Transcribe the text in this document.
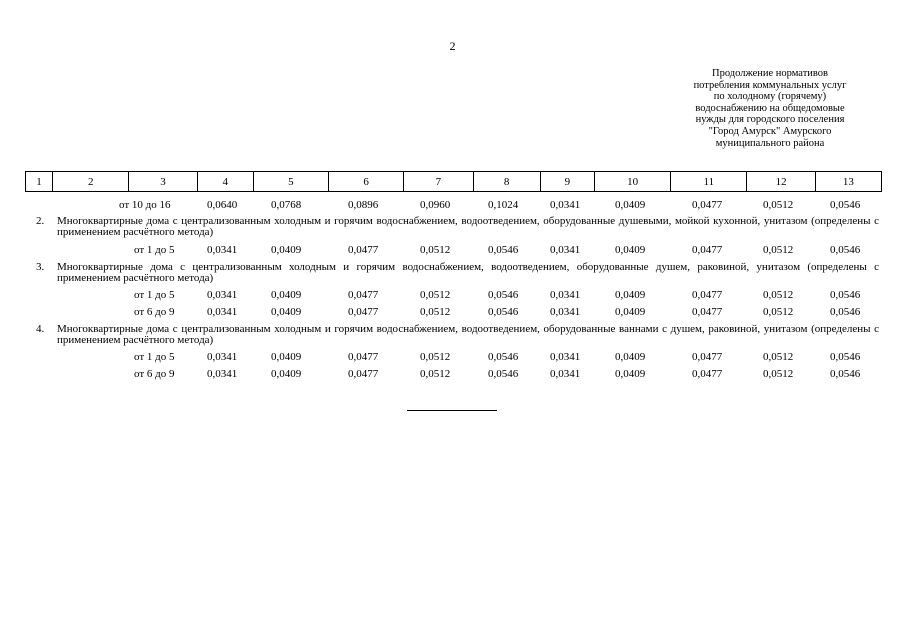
2
Продолжение нормативов
потребления коммунальных услуг
по холодному (горячему)
водоснабжению на общедомовые
нужды для городского поселения
"Город Амурск" Амурского
муниципального района
1	2	3	4	5	6	7	8	9	10	11	12	13
от 10 до 16	0,0640	0,0768	0,0896	0,0960	0,1024	0,0341	0,0409	0,0477	0,0512	0,0546
2. Многоквартирные дома с централизованным холодным и горячим водоснабжением, водоотведением, оборудованные душевыми, мойкой кухонной, унитазом (определены с применением расчётного метода)
от 1 до 5	0,0341	0,0409	0,0477	0,0512	0,0546	0,0341	0,0409	0,0477	0,0512	0,0546
3. Многоквартирные дома с централизованным холодным и горячим водоснабжением, водоотведением, оборудованные душем, раковиной, унитазом (определены с применением расчётного метода)
от 1 до 5	0,0341	0,0409	0,0477	0,0512	0,0546	0,0341	0,0409	0,0477	0,0512	0,0546
от 6 до 9	0,0341	0,0409	0,0477	0,0512	0,0546	0,0341	0,0409	0,0477	0,0512	0,0546
4. Многоквартирные дома с централизованным холодным и горячим водоснабжением, водоотведением, оборудованные ваннами с душем, раковиной, унитазом (определены с применением расчётного метода)
от 1 до 5	0,0341	0,0409	0,0477	0,0512	0,0546	0,0341	0,0409	0,0477	0,0512	0,0546
от 6 до 9	0,0341	0,0409	0,0477	0,0512	0,0546	0,0341	0,0409	0,0477	0,0512	0,0546
